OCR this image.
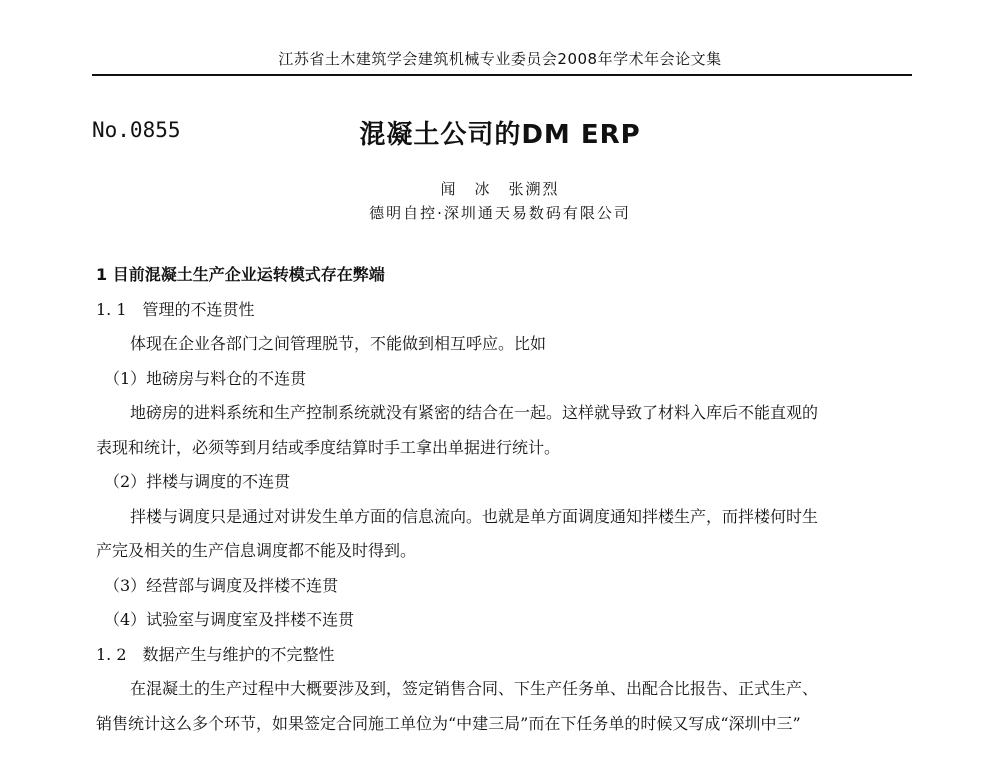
江苏省土木建筑学会建筑机械专业委员会2008年学术年会论文集
No.0855	混凝土公司的DM ERP
闻　冰　张溯烈
德明自控·深圳通天易数码有限公司
1 目前混凝土生产企业运转模式存在弊端
1. 1　管理的不连贯性
体现在企业各部门之间管理脱节，不能做到相互呼应。比如
（1）地磅房与料仓的不连贯
地磅房的进料系统和生产控制系统就没有紧密的结合在一起。这样就导致了材料入库后不能直观的
表现和统计，必须等到月结或季度结算时手工拿出单据进行统计。
（2）拌楼与调度的不连贯
拌楼与调度只是通过对讲发生单方面的信息流向。也就是单方面调度通知拌楼生产，而拌楼何时生
产完及相关的生产信息调度都不能及时得到。
（3）经营部与调度及拌楼不连贯
（4）试验室与调度室及拌楼不连贯
1. 2　数据产生与维护的不完整性
在混凝土的生产过程中大概要涉及到，签定销售合同、下生产任务单、出配合比报告、正式生产、
销售统计这么多个环节，如果签定合同施工单位为“中建三局”而在下任务单的时候又写成“深圳中三”
